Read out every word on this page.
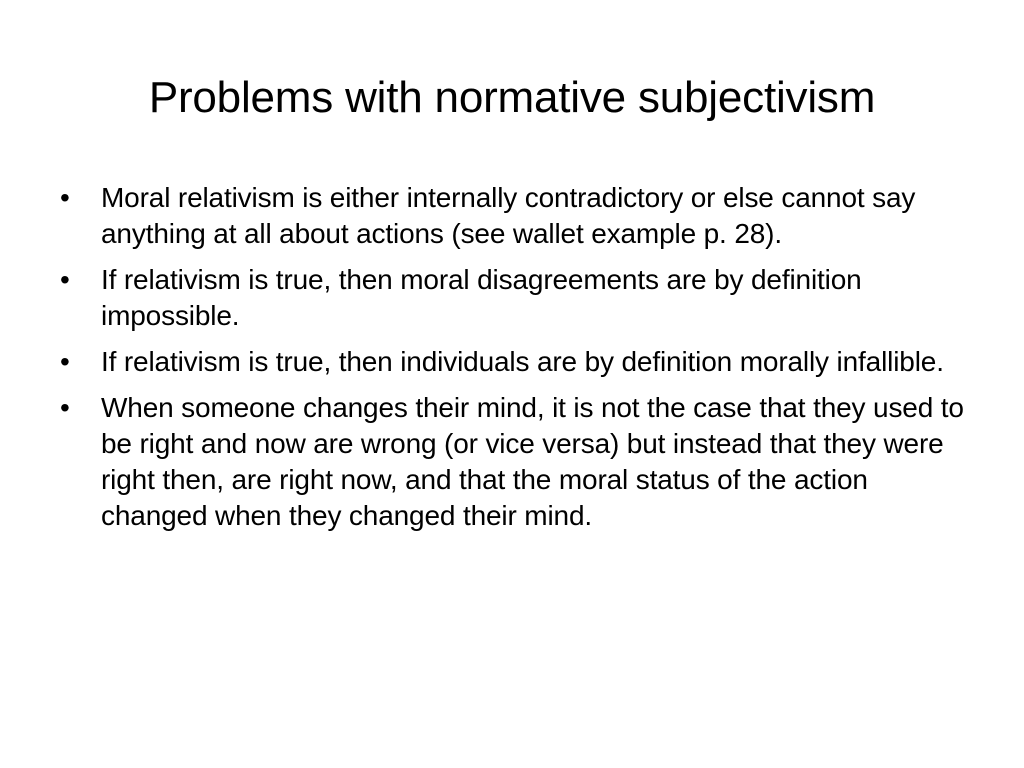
Problems with normative subjectivism
•	Moral relativism is either internally contradictory or else cannot say anything at all about actions (see wallet example p. 28).
•	If relativism is true, then moral disagreements are by definition impossible.
•	If relativism is true, then individuals are by definition morally infallible.
•	When someone changes their mind, it is not the case that they used to be right and now are wrong (or vice versa) but instead that they were right then, are right now, and that the moral status of the action changed when they changed their mind.
